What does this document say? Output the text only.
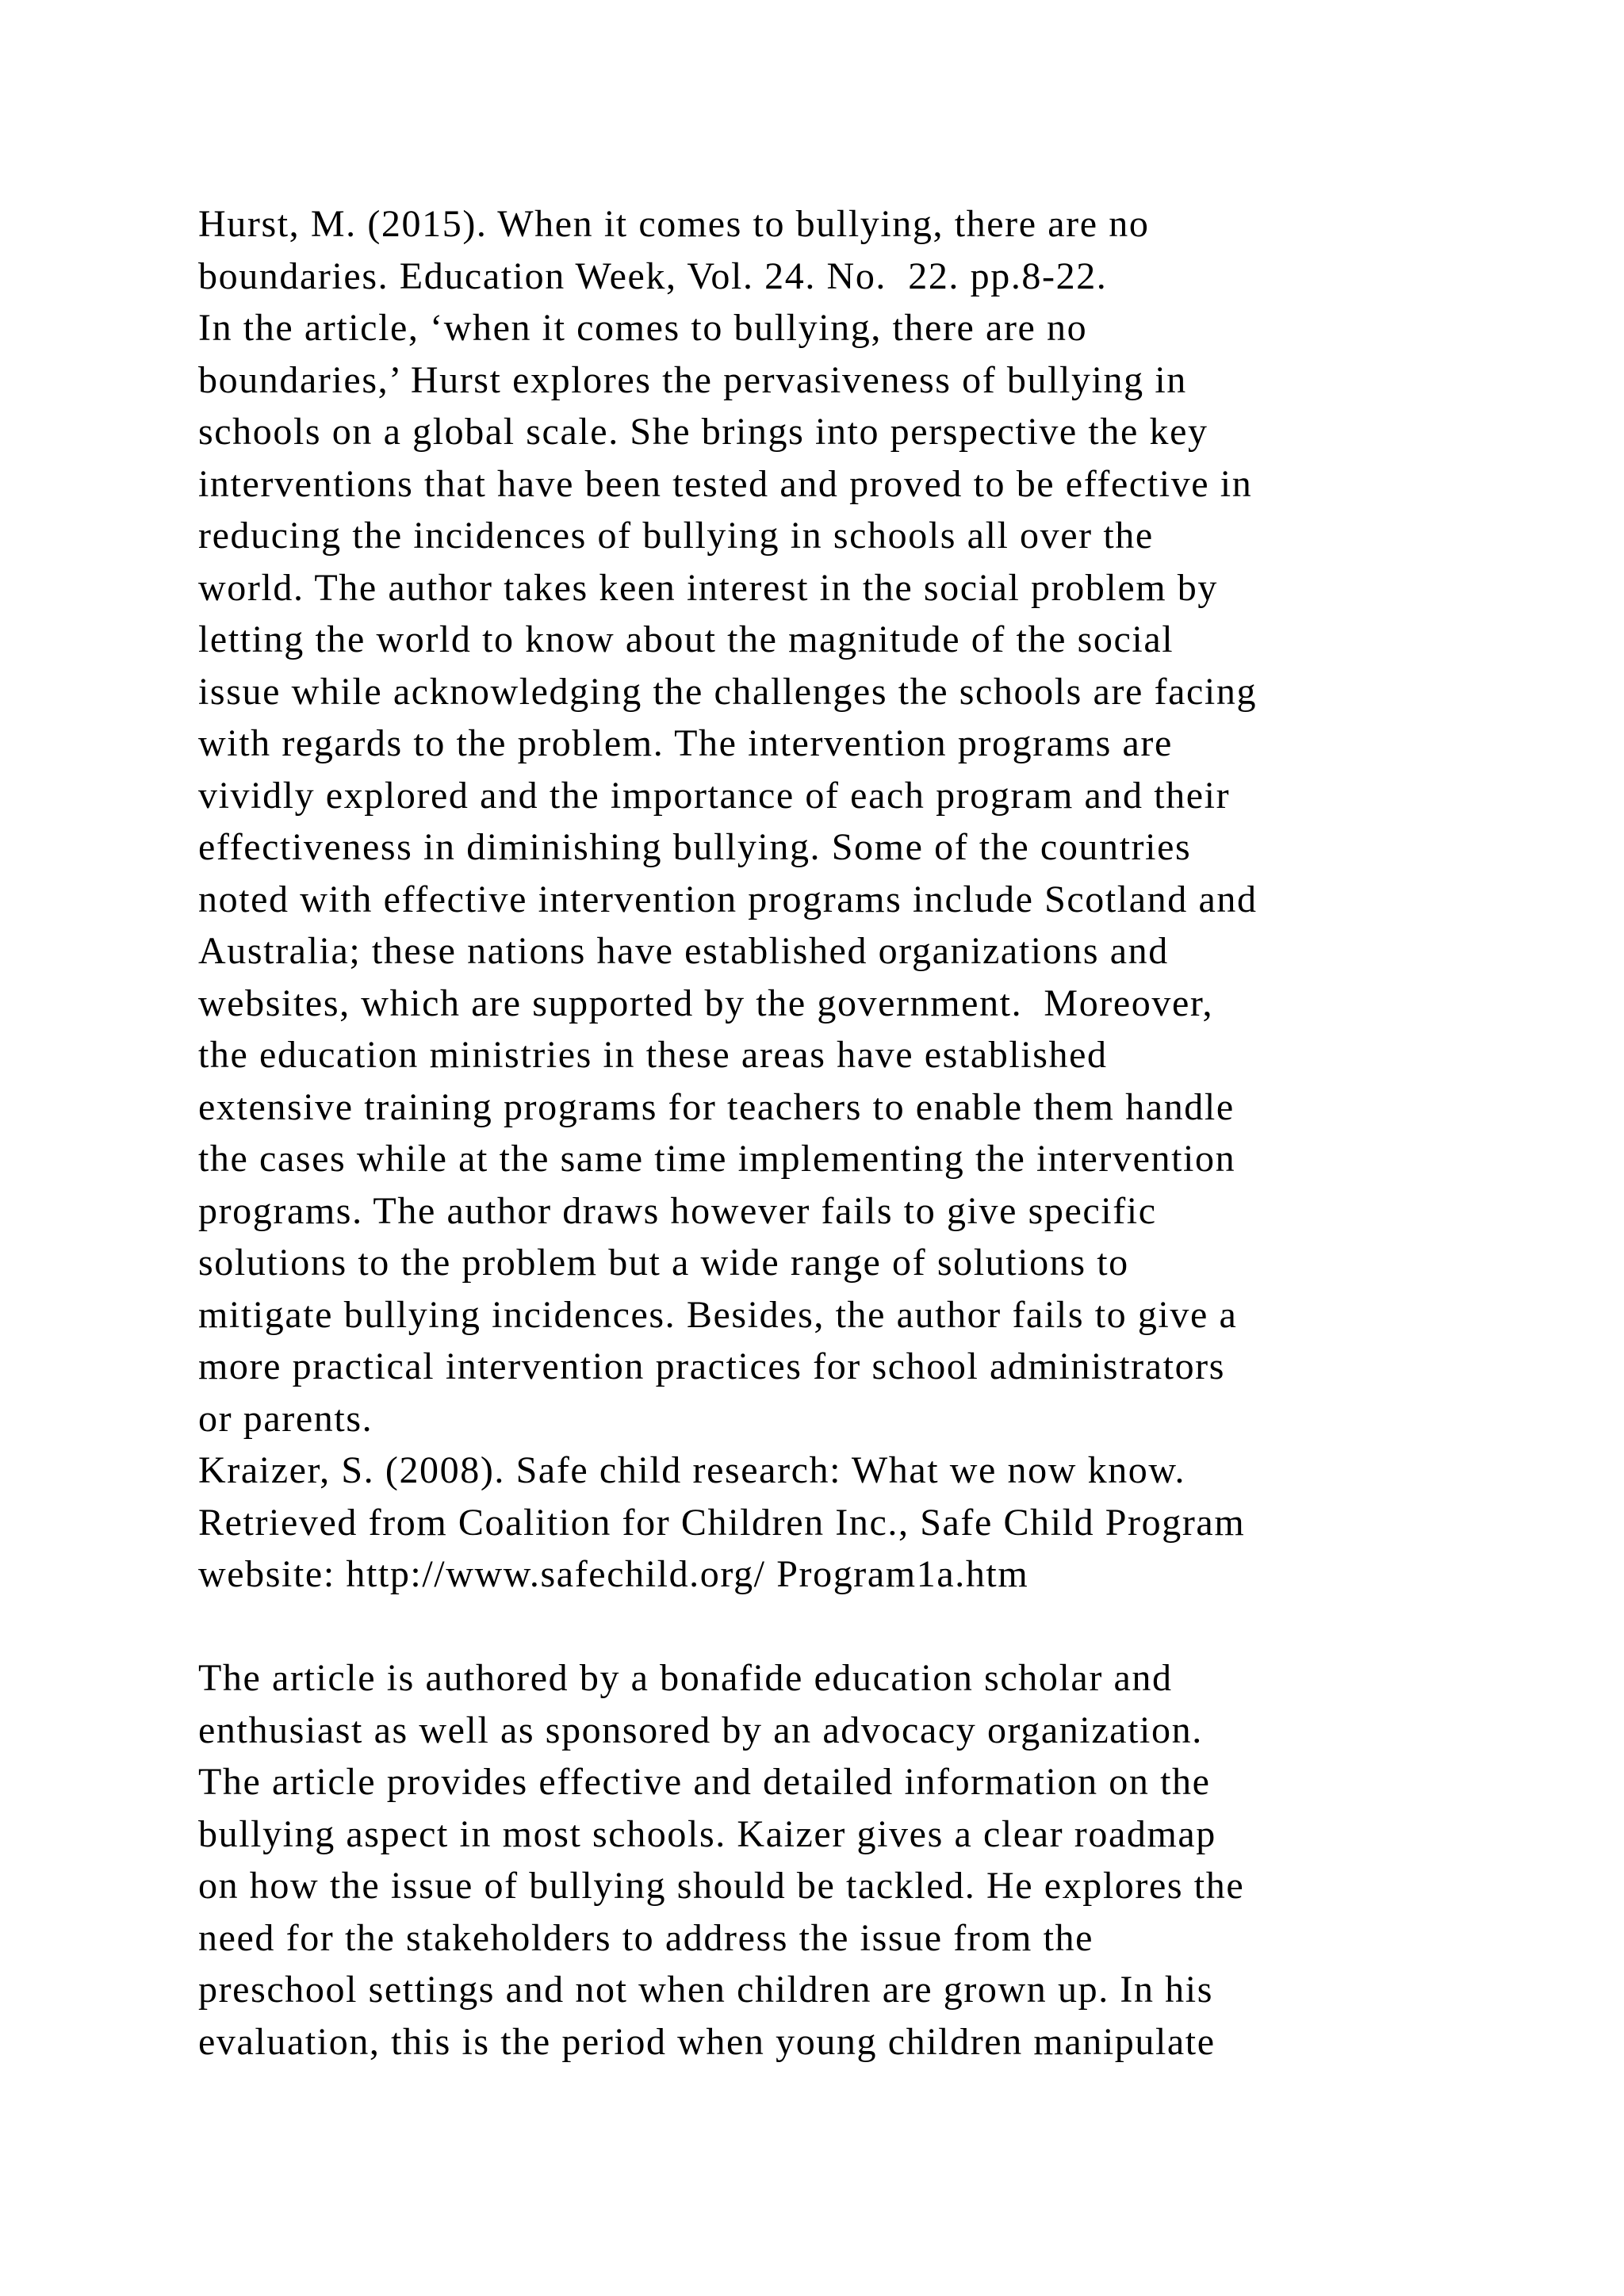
Hurst, M. (2015). When it comes to bullying, there are no
boundaries. Education Week, Vol. 24. No.  22. pp.8-22.
In the article, ‘when it comes to bullying, there are no
boundaries,’ Hurst explores the pervasiveness of bullying in
schools on a global scale. She brings into perspective the key
interventions that have been tested and proved to be effective in
reducing the incidences of bullying in schools all over the
world. The author takes keen interest in the social problem by
letting the world to know about the magnitude of the social
issue while acknowledging the challenges the schools are facing
with regards to the problem. The intervention programs are
vividly explored and the importance of each program and their
effectiveness in diminishing bullying. Some of the countries
noted with effective intervention programs include Scotland and
Australia; these nations have established organizations and
websites, which are supported by the government.  Moreover,
the education ministries in these areas have established
extensive training programs for teachers to enable them handle
the cases while at the same time implementing the intervention
programs. The author draws however fails to give specific
solutions to the problem but a wide range of solutions to
mitigate bullying incidences. Besides, the author fails to give a
more practical intervention practices for school administrators
or parents.
Kraizer, S. (2008). Safe child research: What we now know.
Retrieved from Coalition for Children Inc., Safe Child Program
website: http://www.safechild.org/ Program1a.htm
The article is authored by a bonafide education scholar and
enthusiast as well as sponsored by an advocacy organization.
The article provides effective and detailed information on the
bullying aspect in most schools. Kaizer gives a clear roadmap
on how the issue of bullying should be tackled. He explores the
need for the stakeholders to address the issue from the
preschool settings and not when children are grown up. In his
evaluation, this is the period when young children manipulate
